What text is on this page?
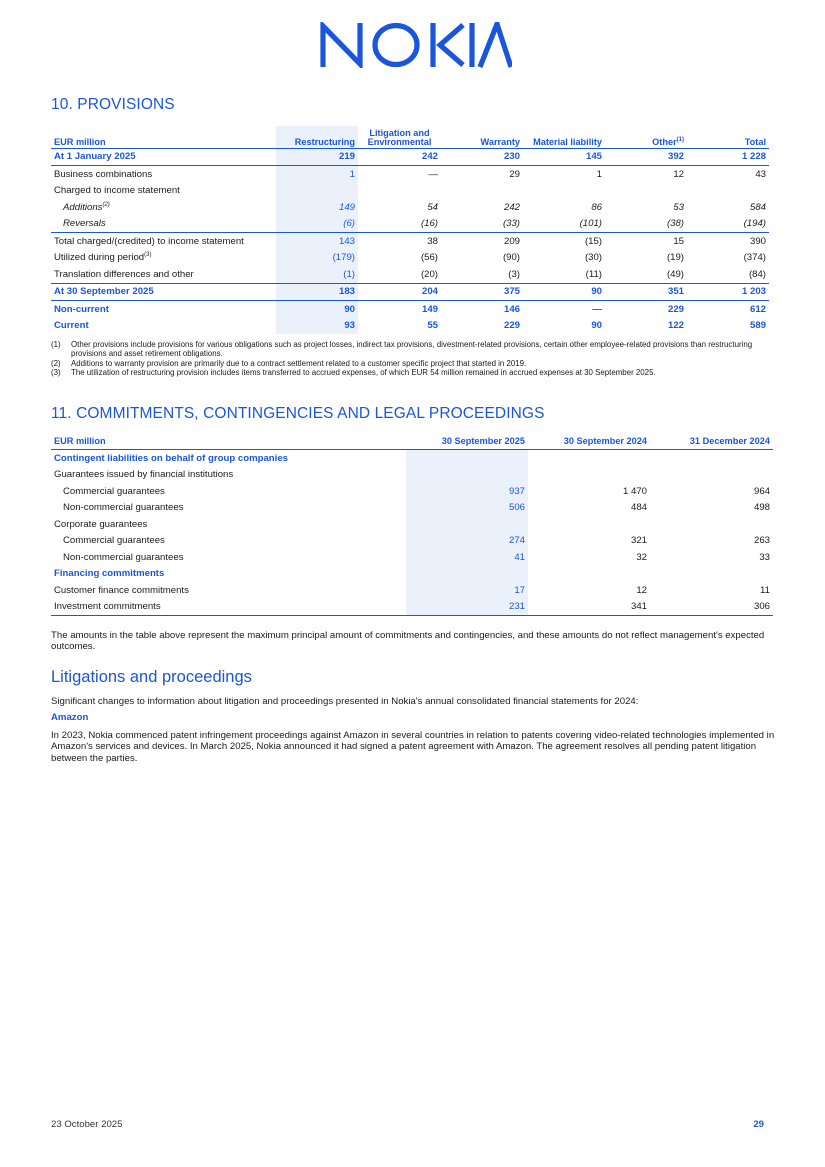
10. PROVISIONS
EUR million	Restructuring	Litigation and Environmental	Warranty	Material liability	Other$^{(1)}$	Total
At 1 January 2025	219	242	230	145	392	1 228
Business combinations	1	—	29	1	12	43
Charged to income statement						
Additions$^{(2)}$	149	54	242	86	53	584
Reversals	(6)	(16)	(33)	(101)	(38)	(194)
Total charged/(credited) to income statement	143	38	209	(15)	15	390
Utilized during period$^{(3)}$	(179)	(56)	(90)	(30)	(19)	(374)
Translation differences and other	(1)	(20)	(3)	(11)	(49)	(84)
At 30 September 2025	183	204	375	90	351	1 203
Non-current	90	149	146	—	229	612
Current	93	55	229	90	122	589
(1)	Other provisions include provisions for various obligations such as project losses, indirect tax provisions, divestment-related provisions, certain other employee-related provisions than restructuring provisions and asset retirement obligations.
(2)	Additions to warranty provision are primarily due to a contract settlement related to a customer specific project that started in 2019.
(3)	The utilization of restructuring provision includes items transferred to accrued expenses, of which EUR 54 million remained in accrued expenses at 30 September 2025.
11. COMMITMENTS, CONTINGENCIES AND LEGAL PROCEEDINGS
EUR million	30 September 2025	30 September 2024	31 December 2024
Contingent liabilities on behalf of group companies			
Guarantees issued by financial institutions			
Commercial guarantees	937	1 470	964
Non-commercial guarantees	506	484	498
Corporate guarantees			
Commercial guarantees	274	321	263
Non-commercial guarantees	41	32	33
Financing commitments			
Customer finance commitments	17	12	11
Investment commitments	231	341	306
The amounts in the table above represent the maximum principal amount of commitments and contingencies, and these amounts do not reflect management's expected outcomes.
Litigations and proceedings
Significant changes to information about litigation and proceedings presented in Nokia's annual consolidated financial statements for 2024:
Amazon
In 2023, Nokia commenced patent infringement proceedings against Amazon in several countries in relation to patents covering video-related technologies implemented in Amazon's services and devices. In March 2025, Nokia announced it had signed a patent agreement with Amazon. The agreement resolves all pending patent litigation between the parties.
23 October 2025	29
